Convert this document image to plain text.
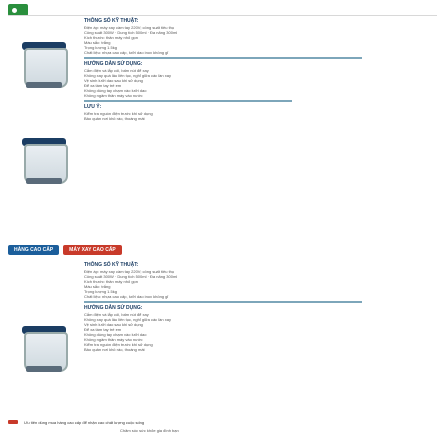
THÔNG SỐ KỸ THUẬT:
Điện áp: máy xay cầm tay 220V; công suất tiêu thụ
Công suất 300W · Dung tích 500ml · Đa năng 300ml
Kích thước: thân máy nhỏ gọn
Màu sắc: trắng
Trọng lượng 1.5kg
Chất liệu: nhựa cao cấp, lưỡi dao inox không gỉ
HƯỚNG DẪN SỬ DỤNG:
Cắm điện và lắp cối, bấm nút để xay
Không xay quá lâu liên tục, nghỉ giữa các lần xay
Vệ sinh lưỡi dao sau khi sử dụng
Để xa tầm tay trẻ em
Không dùng tay chạm vào lưỡi dao
Không ngâm thân máy vào nước
LƯU Ý:
Kiểm tra nguồn điện trước khi sử dụng
Bảo quản nơi khô ráo, thoáng mát
HÀNG CAO CẤP	MÁY XAY CAO CẤP
THÔNG SỐ KỸ THUẬT:
Điện áp: máy xay cầm tay 220V; công suất tiêu thụ
Công suất 300W · Dung tích 500ml · Đa năng 300ml
Kích thước: thân máy nhỏ gọn
Màu sắc: trắng
Trọng lượng 1.5kg
Chất liệu: nhựa cao cấp, lưỡi dao inox không gỉ
HƯỚNG DẪN SỬ DỤNG:
Cắm điện và lắp cối, bấm nút để xay
Không xay quá lâu liên tục, nghỉ giữa các lần xay
Vệ sinh lưỡi dao sau khi sử dụng
Để xa tầm tay trẻ em
Không dùng tay chạm vào lưỡi dao
Không ngâm thân máy vào nước
Kiểm tra nguồn điện trước khi sử dụng
Bảo quản nơi khô ráo, thoáng mát
Ưu tiên dùng mua hàng cao cấp để nhận cao chất lượng cuộc sống
Chăm sóc sức khỏe gia đình bạn
